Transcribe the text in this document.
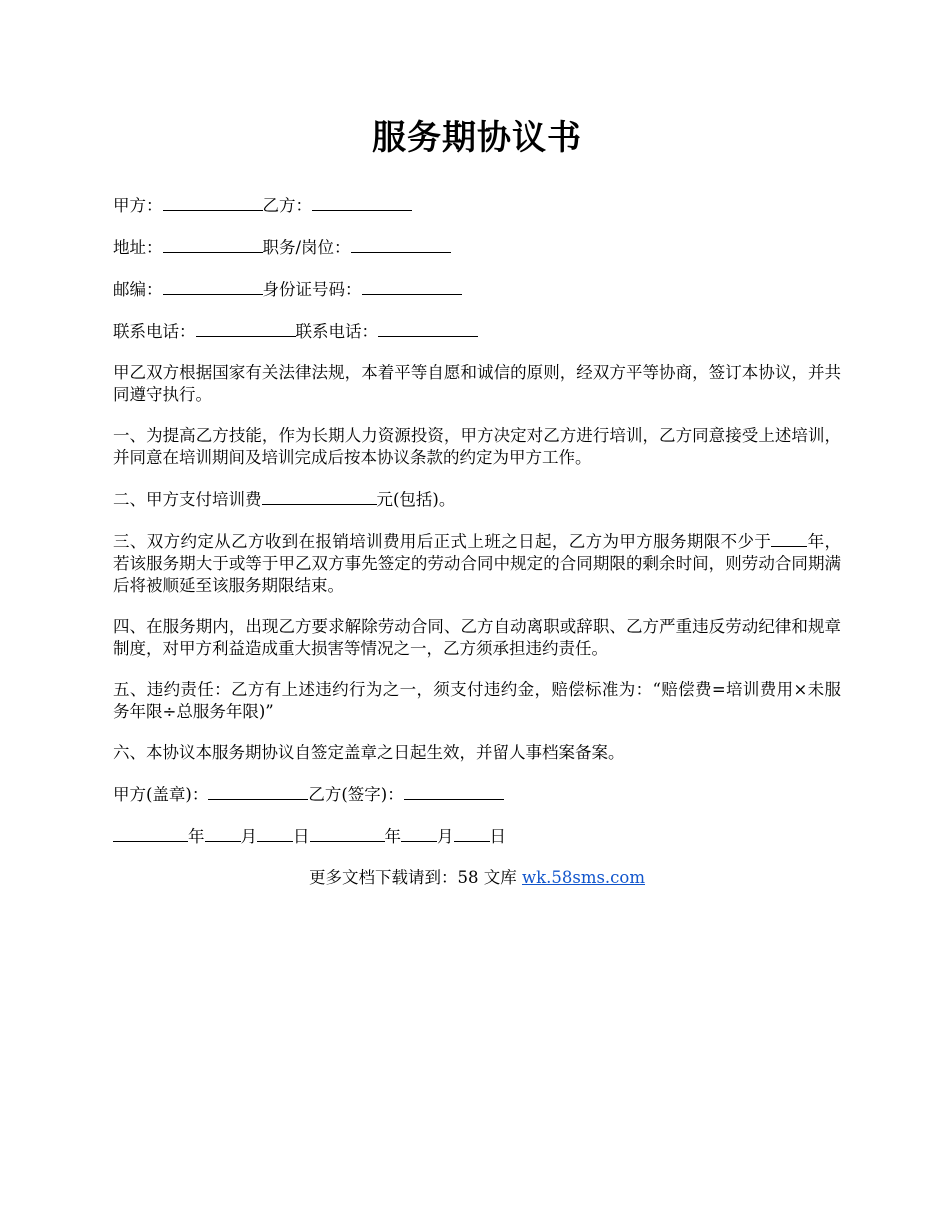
服务期协议书
甲方：	乙方：
地址：	职务/岗位：
邮编：	身份证号码：
联系电话：	联系电话：
甲乙双方根据国家有关法律法规，本着平等自愿和诚信的原则，经双方平等协商，签订本协议，并共同遵守执行。
一、为提高乙方技能，作为长期人力资源投资，甲方决定对乙方进行培训，乙方同意接受上述培训，并同意在培训期间及培训完成后按本协议条款的约定为甲方工作。
二、甲方支付培训费	元(包括)。
三、双方约定从乙方收到在报销培训费用后正式上班之日起，乙方为甲方服务期限不少于 年，若该服务期大于或等于甲乙双方事先签定的劳动合同中规定的合同期限的剩余时间，则劳动合同期满后将被顺延至该服务期限结束。
四、在服务期内，出现乙方要求解除劳动合同、乙方自动离职或辞职、乙方严重违反劳动纪律和规章制度，对甲方利益造成重大损害等情况之一，乙方须承担违约责任。
五、违约责任：乙方有上述违约行为之一，须支付违约金，赔偿标准为：“赔偿费=培训费用×未服务年限÷总服务年限)”
六、本协议本服务期协议自签定盖章之日起生效，并留人事档案备案。
甲方(盖章)：	乙方(签字)：
年 月 日	年 月 日
更多文档下载请到：58 文库 wk.58sms.com
